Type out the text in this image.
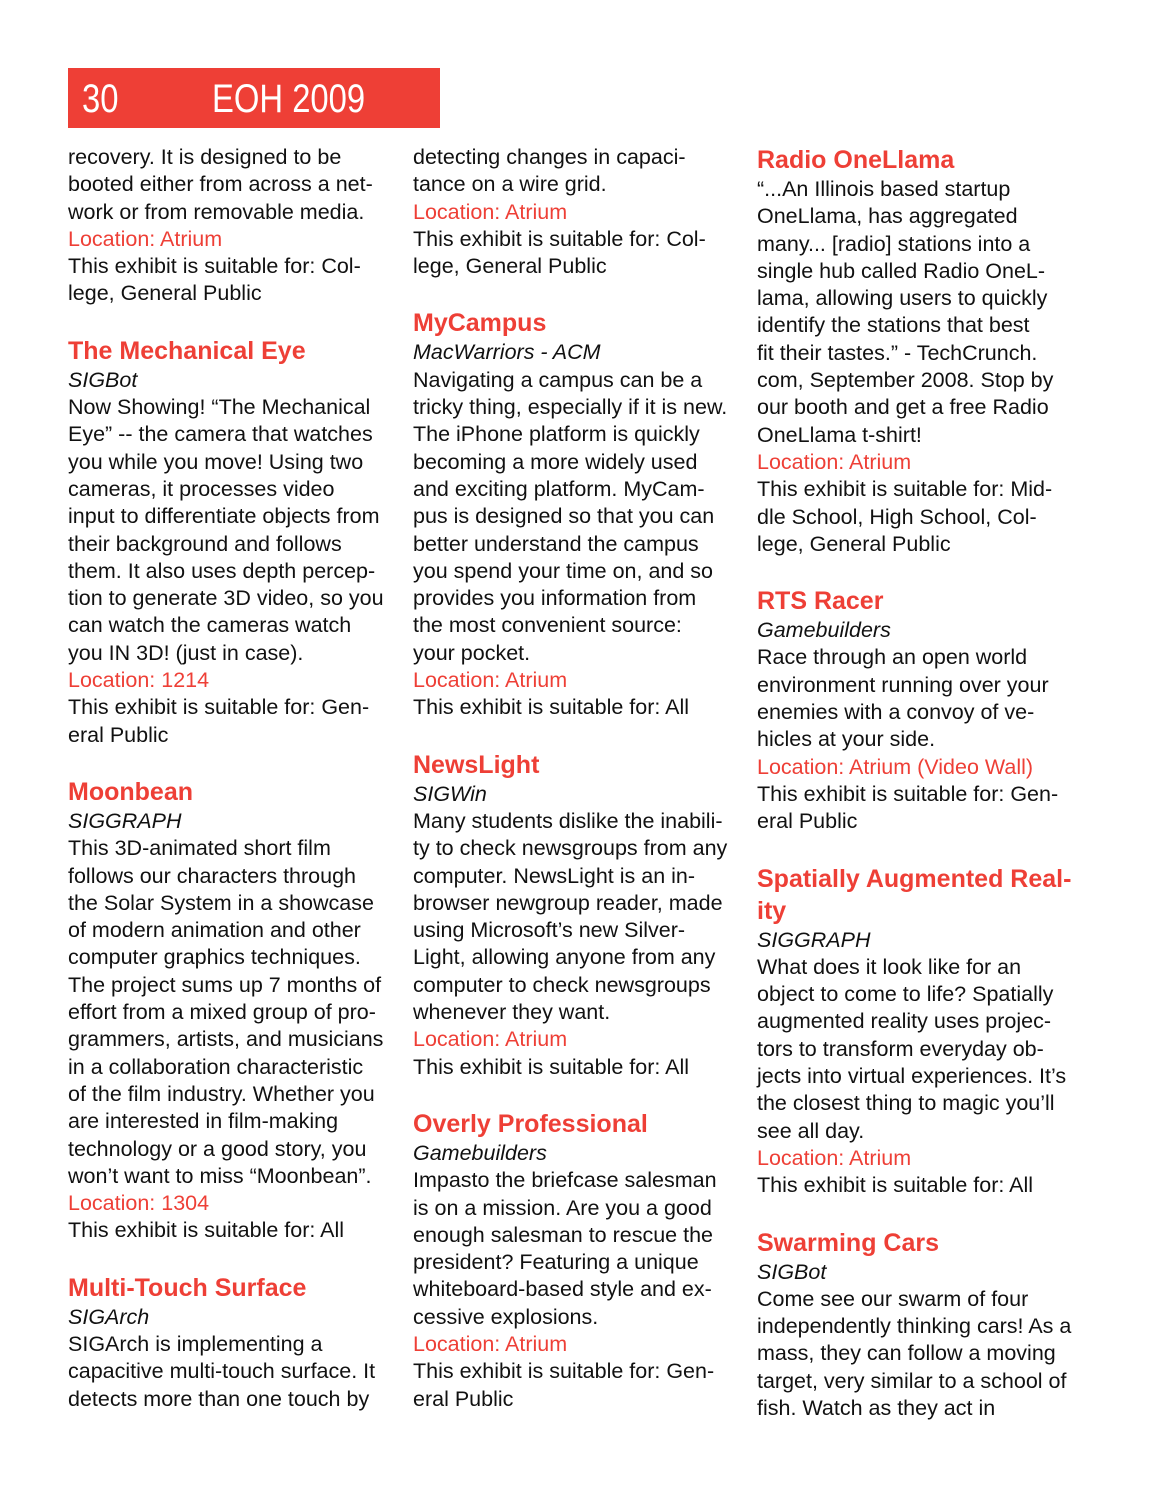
30 EOH 2009
recovery. It is designed to be
booted either from across a net-
work or from removable media.
Location: Atrium
This exhibit is suitable for: Col-
lege, General Public
The Mechanical Eye
SIGBot
Now Showing! “The Mechanical
Eye” -- the camera that watches
you while you move! Using two
cameras, it processes video
input to differentiate objects from
their background and follows
them. It also uses depth percep-
tion to generate 3D video, so you
can watch the cameras watch
you IN 3D! (just in case).
Location: 1214
This exhibit is suitable for: Gen-
eral Public
Moonbean
SIGGRAPH
This 3D-animated short film
follows our characters through
the Solar System in a showcase
of modern animation and other
computer graphics techniques.
The project sums up 7 months of
effort from a mixed group of pro-
grammers, artists, and musicians
in a collaboration characteristic
of the film industry. Whether you
are interested in film-making
technology or a good story, you
won’t want to miss “Moonbean”.
Location: 1304
This exhibit is suitable for: All
Multi-Touch Surface
SIGArch
SIGArch is implementing a
capacitive multi-touch surface. It
detects more than one touch by
detecting changes in capaci-
tance on a wire grid.
Location: Atrium
This exhibit is suitable for: Col-
lege, General Public
MyCampus
MacWarriors - ACM
Navigating a campus can be a
tricky thing, especially if it is new.
The iPhone platform is quickly
becoming a more widely used
and exciting platform. MyCam-
pus is designed so that you can
better understand the campus
you spend your time on, and so
provides you information from
the most convenient source:
your pocket.
Location: Atrium
This exhibit is suitable for: All
NewsLight
SIGWin
Many students dislike the inabili-
ty to check newsgroups from any
computer. NewsLight is an in-
browser newgroup reader, made
using Microsoft’s new Silver-
Light, allowing anyone from any
computer to check newsgroups
whenever they want.
Location: Atrium
This exhibit is suitable for: All
Overly Professional
Gamebuilders
Impasto the briefcase salesman
is on a mission. Are you a good
enough salesman to rescue the
president? Featuring a unique
whiteboard-based style and ex-
cessive explosions.
Location: Atrium
This exhibit is suitable for: Gen-
eral Public
Radio OneLlama
“...An Illinois based startup
OneLlama, has aggregated
many... [radio] stations into a
single hub called Radio OneL-
lama, allowing users to quickly
identify the stations that best
fit their tastes.” - TechCrunch.
com, September 2008. Stop by
our booth and get a free Radio
OneLlama t-shirt!
Location: Atrium
This exhibit is suitable for: Mid-
dle School, High School, Col-
lege, General Public
RTS Racer
Gamebuilders
Race through an open world
environment running over your
enemies with a convoy of ve-
hicles at your side.
Location: Atrium (Video Wall)
This exhibit is suitable for: Gen-
eral Public
Spatially Augmented Real-
ity
SIGGRAPH
What does it look like for an
object to come to life? Spatially
augmented reality uses projec-
tors to transform everyday ob-
jects into virtual experiences. It’s
the closest thing to magic you’ll
see all day.
Location: Atrium
This exhibit is suitable for: All
Swarming Cars
SIGBot
Come see our swarm of four
independently thinking cars! As a
mass, they can follow a moving
target, very similar to a school of
fish. Watch as they act in
